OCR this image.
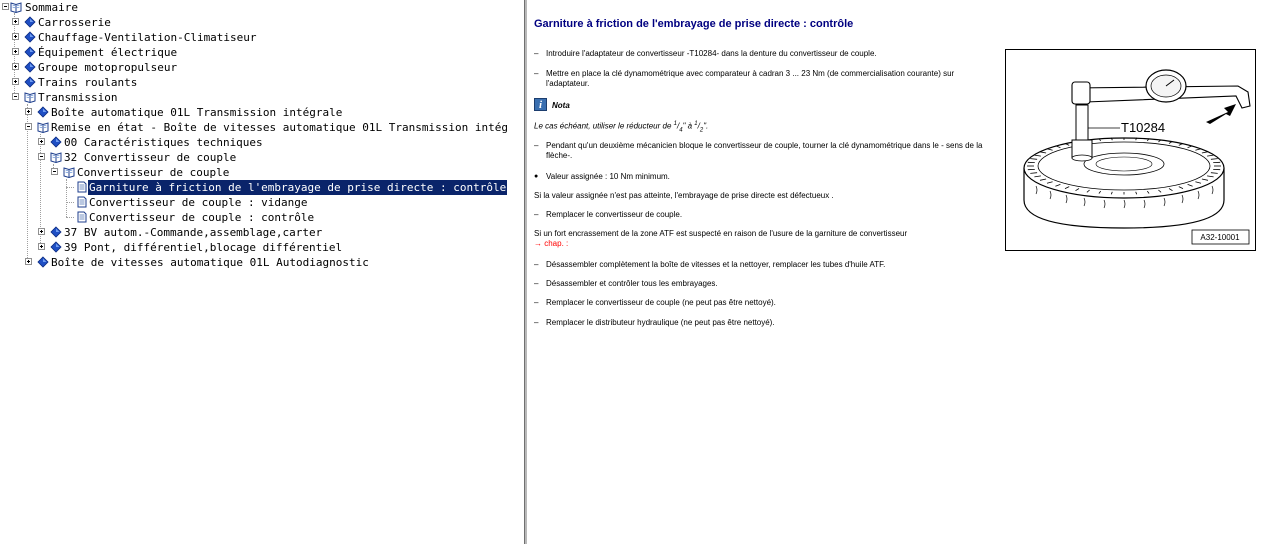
Sommaire
Carrosserie
Chauffage-Ventilation-Climatiseur
Équipement électrique
Groupe motopropulseur
Trains roulants
Transmission
Boîte automatique 01L Transmission intégrale
Remise en état - Boîte de vitesses automatique 01L Transmission intég
00 Caractéristiques techniques
32 Convertisseur de couple
Convertisseur de couple
Garniture à friction de l'embrayage de prise directe : contrôle
Convertisseur de couple : vidange
Convertisseur de couple : contrôle
37 BV autom.-Commande,assemblage,carter
39 Pont, différentiel,blocage différentiel
Boîte de vitesses automatique 01L Autodiagnostic
Garniture à friction de l'embrayage de prise directe : contrôle
– Introduire l'adaptateur de convertisseur -T10284- dans la denture du convertisseur de couple.
– Mettre en place la clé dynamométrique avec comparateur à cadran 3 ... 23 Nm (de commercialisation courante) sur l'adaptateur.
i	Nota
Le cas échéant, utiliser le réducteur de $^1/_4$" à $^1/_2$".
– Pendant qu'un deuxième mécanicien bloque le convertisseur de couple, tourner la clé dynamométrique dans le - sens de la flèche-.
● Valeur assignée : 10 Nm minimum.
Si la valeur assignée n'est pas atteinte, l'embrayage de prise directe est défectueux .
– Remplacer le convertisseur de couple.
Si un fort encrassement de la zone ATF est suspecté en raison de l'usure de la garniture de convertisseur
→ chap. :
– Désassembler complètement la boîte de vitesses et la nettoyer, remplacer les tubes d'huile ATF.
– Désassembler et contrôler tous les embrayages.
– Remplacer le convertisseur de couple (ne peut pas être nettoyé).
– Remplacer le distributeur hydraulique (ne peut pas être nettoyé).
T10284
A32-10001
